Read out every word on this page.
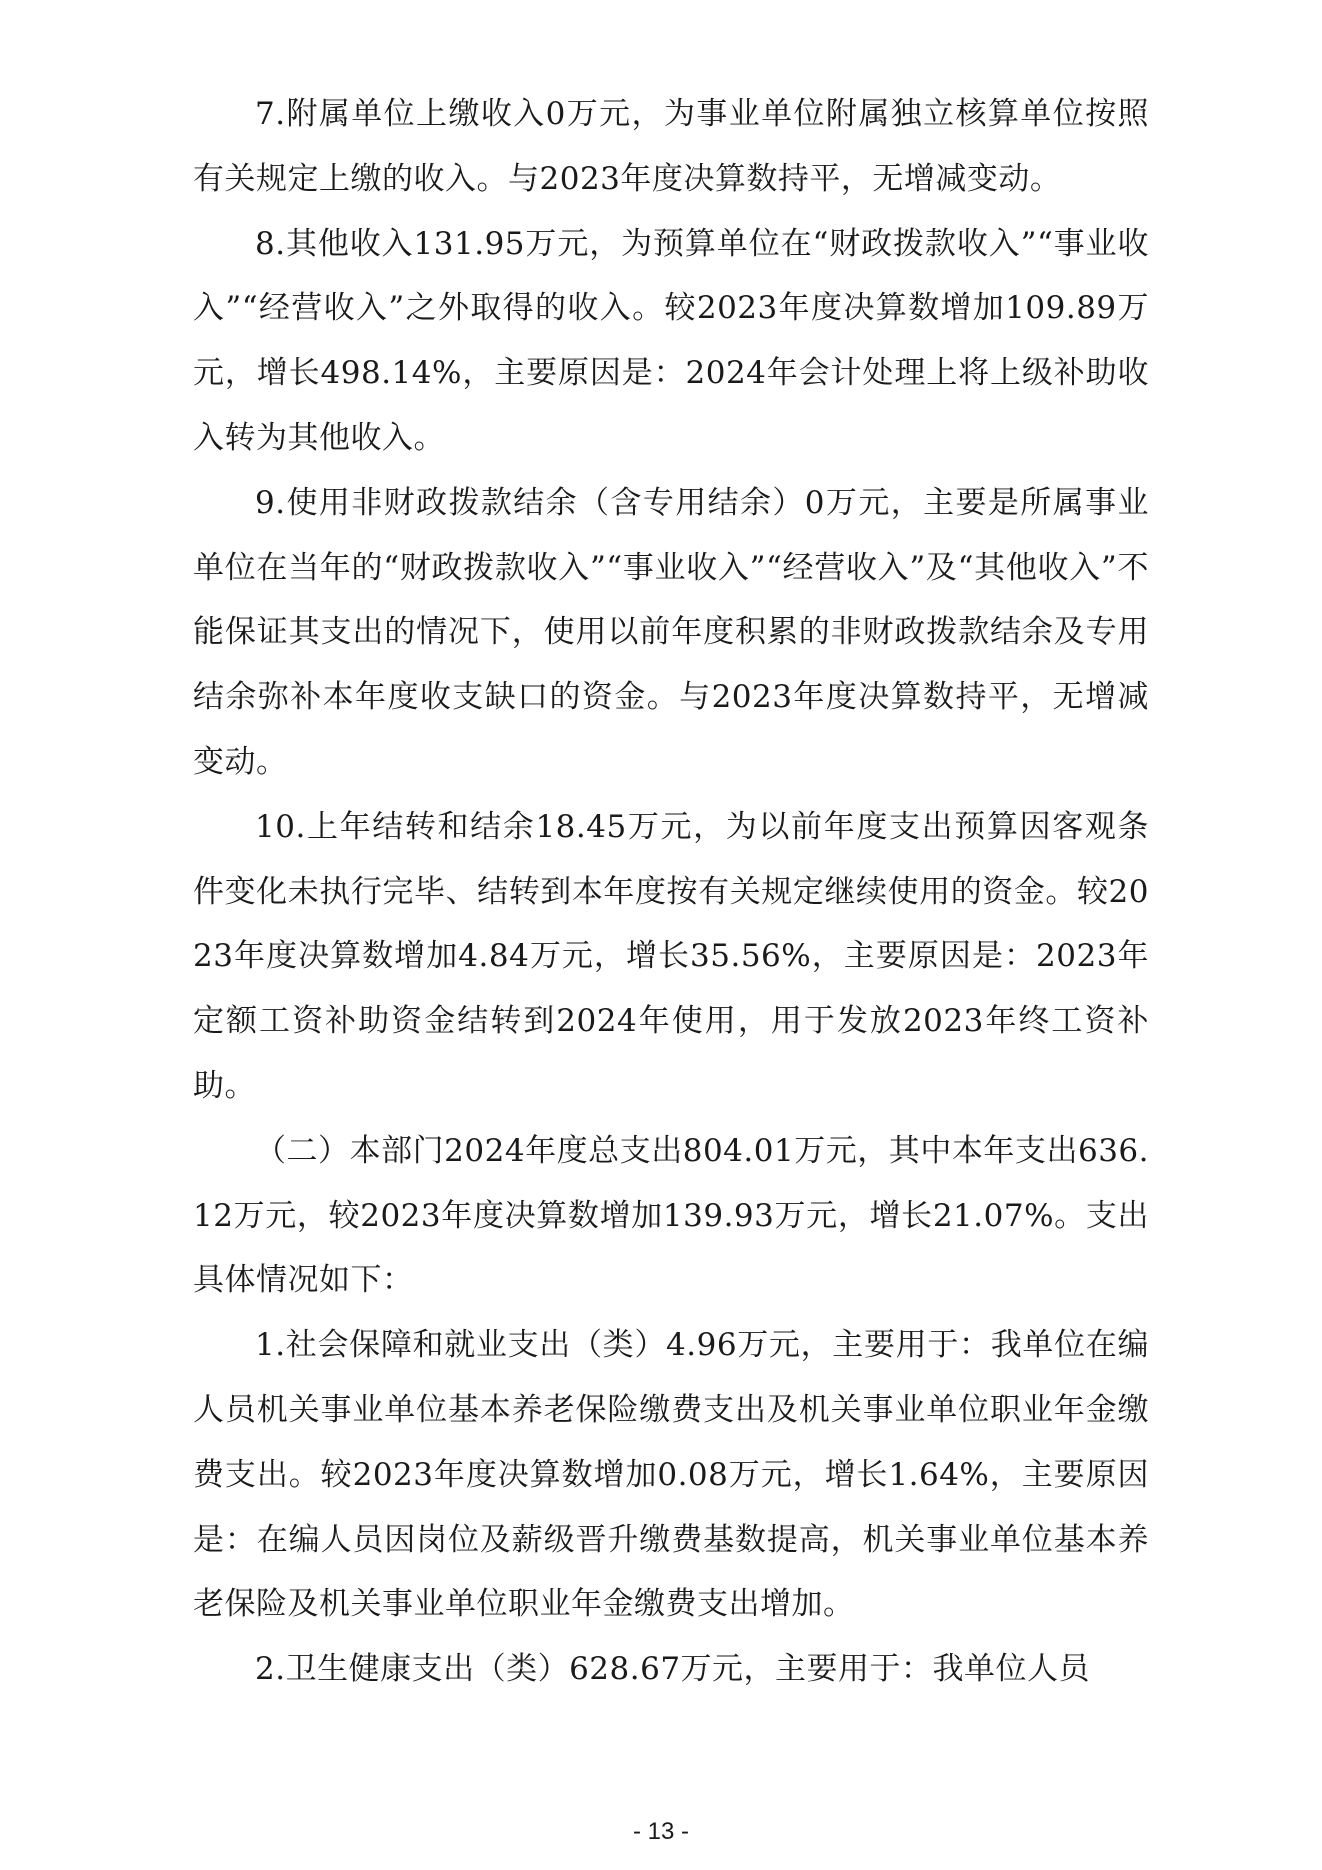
7.附属单位上缴收入0万元，为事业单位附属独立核算单位按照有关规定上缴的收入。与2023年度决算数持平，无增减变动。

8.其他收入131.95万元，为预算单位在“财政拨款收入”“事业收入”“经营收入”之外取得的收入。较2023年度决算数增加109.89万元，增长498.14%，主要原因是：2024年会计处理上将上级补助收入转为其他收入。

9.使用非财政拨款结余（含专用结余）0万元，主要是所属事业单位在当年的“财政拨款收入”“事业收入”“经营收入”及“其他收入”不能保证其支出的情况下，使用以前年度积累的非财政拨款结余及专用结余弥补本年度收支缺口的资金。与2023年度决算数持平，无增减变动。

10.上年结转和结余18.45万元，为以前年度支出预算因客观条件变化未执行完毕、结转到本年度按有关规定继续使用的资金。较2023年度决算数增加4.84万元，增长35.56%，主要原因是：2023年定额工资补助资金结转到2024年使用，用于发放2023年终工资补助。

（二）本部门2024年度总支出804.01万元，其中本年支出636.12万元，较2023年度决算数增加139.93万元，增长21.07%。支出具体情况如下：

1.社会保障和就业支出（类）4.96万元，主要用于：我单位在编人员机关事业单位基本养老保险缴费支出及机关事业单位职业年金缴费支出。较2023年度决算数增加0.08万元，增长1.64%，主要原因是：在编人员因岗位及薪级晋升缴费基数提高，机关事业单位基本养老保险及机关事业单位职业年金缴费支出增加。

2.卫生健康支出（类）628.67万元，主要用于：我单位人员

- 13 -
